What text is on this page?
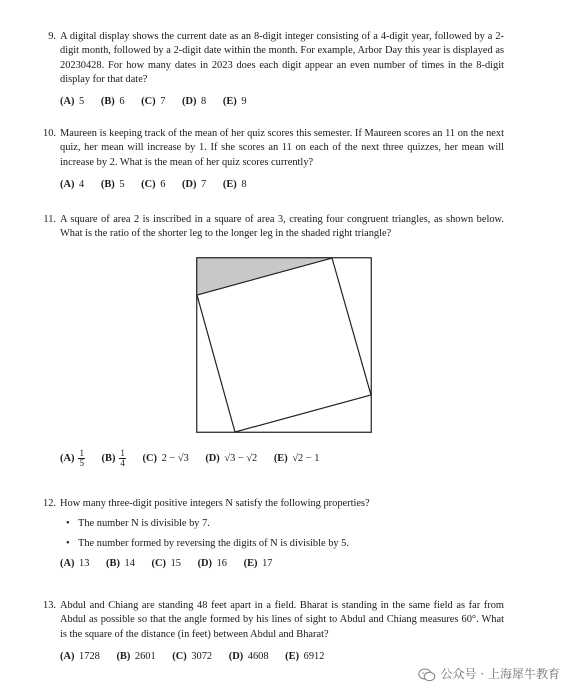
9. A digital display shows the current date as an 8-digit integer consisting of a 4-digit year, followed by a 2-digit month, followed by a 2-digit date within the month. For example, Arbor Day this year is displayed as 20230428. For how many dates in 2023 does each digit appear an even number of times in the 8-digit display for that date?
(A) 5 (B) 6 (C) 7 (D) 8 (E) 9
10. Maureen is keeping track of the mean of her quiz scores this semester. If Maureen scores an 11 on the next quiz, her mean will increase by 1. If she scores an 11 on each of the next three quizzes, her mean will increase by 2. What is the mean of her quiz scores currently?
(A) 4 (B) 5 (C) 6 (D) 7 (E) 8
11. A square of area 2 is inscribed in a square of area 3, creating four congruent triangles, as shown below. What is the ratio of the shorter leg to the longer leg in the shaded right triangle?
$(A) \frac{1}{5} (B) \frac{1}{4} (C) 2 - √3$ (D) √3 − √2 (E) √2 − 1
12. How many three-digit positive integers N satisfy the following properties?
• The number N is divisible by 7.
• The number formed by reversing the digits of N is divisible by 5.
(A) 13 (B) 14 (C) 15 (D) 16 (E) 17
13. Abdul and Chiang are standing 48 feet apart in a field. Bharat is standing in the same field as far from Abdul as possible so that the angle formed by his lines of sight to Abdul and Chiang measures 60°. What is the square of the distance (in feet) between Abdul and Bharat?
(A) 1728 (B) 2601 (C) 3072 (D) 4608 (E) 6912
公众号 · 上海犀牛教育
